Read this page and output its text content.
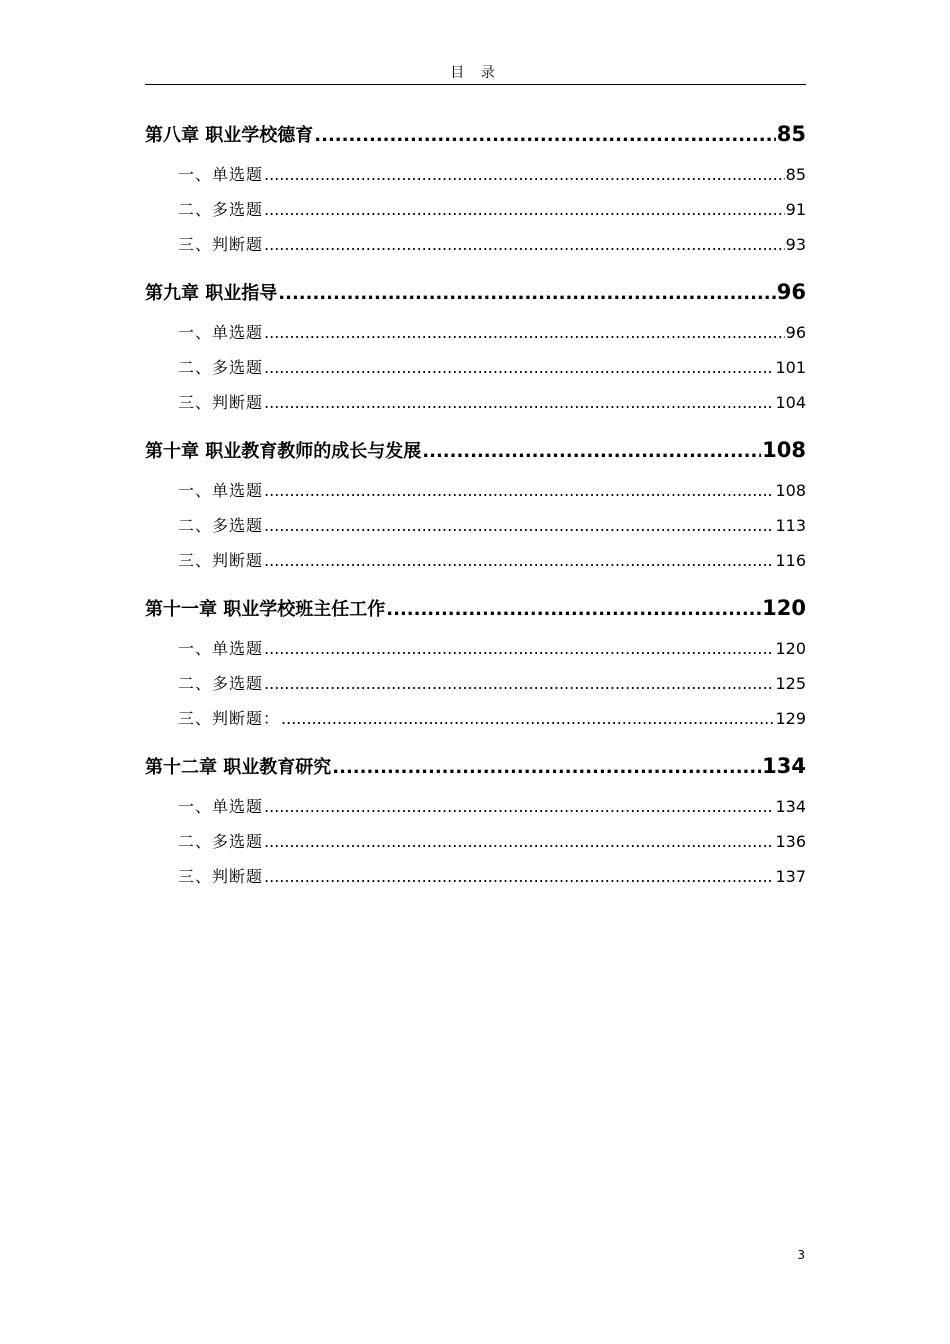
目 录
第八章 职业学校德育 .....	85
一、单选题 .....	85
二、多选题 .....	91
三、判断题 .....	93
第九章 职业指导 .....	96
一、单选题 .....	96
二、多选题 .....	101
三、判断题 .....	104
第十章 职业教育教师的成长与发展 .....	108
一、单选题 .....	108
二、多选题 .....	113
三、判断题 .....	116
第十一章 职业学校班主任工作 .....	120
一、单选题 .....	120
二、多选题 .....	125
三、判断题： .....	129
第十二章 职业教育研究 .....	134
一、单选题 .....	134
二、多选题 .....	136
三、判断题 .....	137
3
